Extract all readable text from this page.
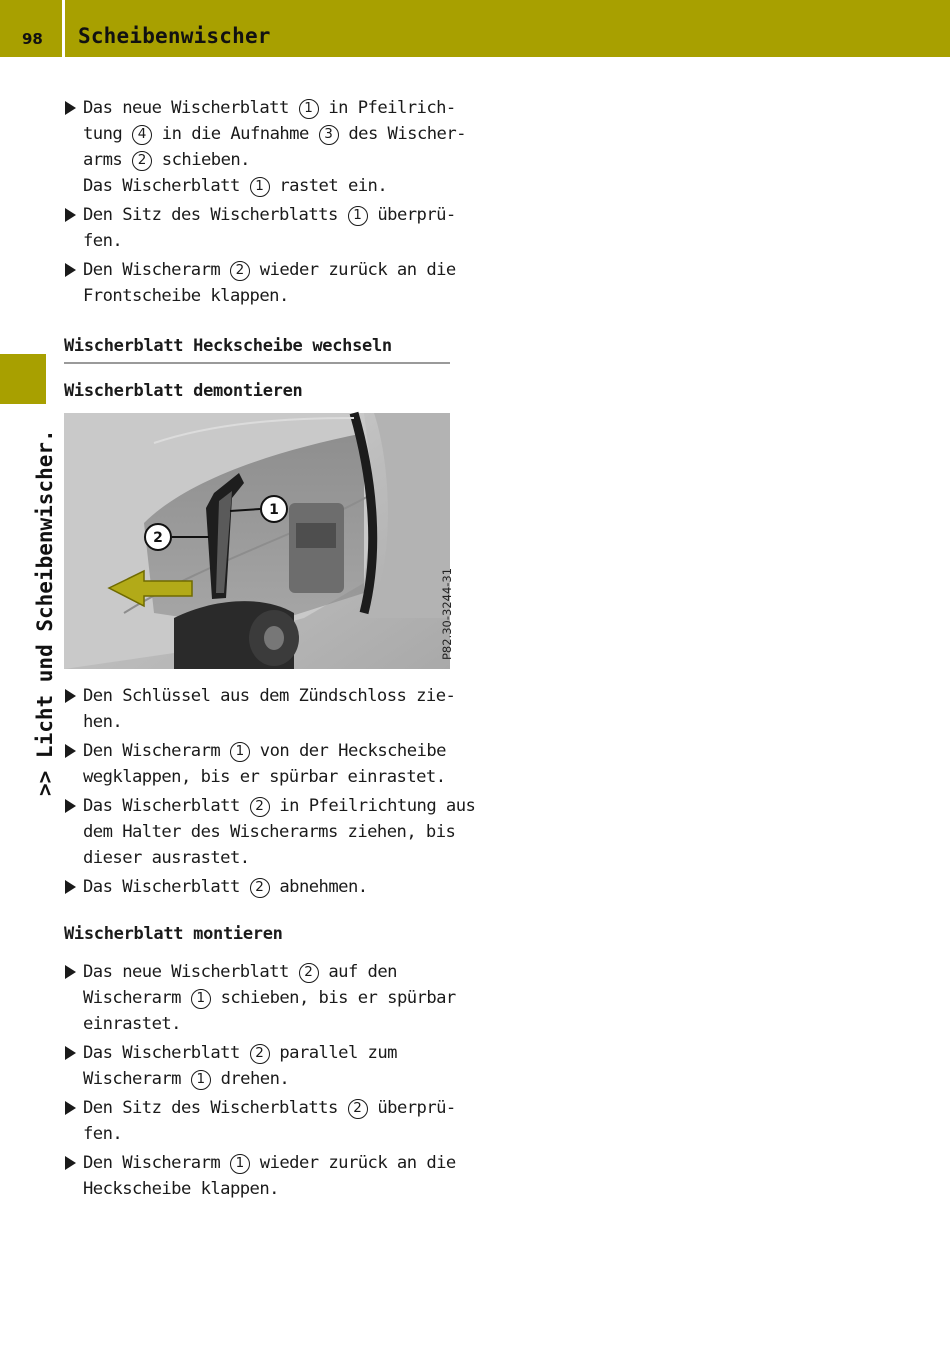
98 Scheibenwischer
>> Licht und Scheibenwischer.
Das neue Wischerblatt 1 in Pfeilrich-
tung 4 in die Aufnahme 3 des Wischer-
arms 2 schieben.
Das Wischerblatt 1 rastet ein.
Den Sitz des Wischerblatts 1 überprü-
fen.
Den Wischerarm 2 wieder zurück an die
Frontscheibe klappen.
Wischerblatt Heckscheibe wechseln
Wischerblatt demontieren
1
2
P82.30-3244-31
Den Schlüssel aus dem Zündschloss zie-
hen.
Den Wischerarm 1 von der Heckscheibe
wegklappen, bis er spürbar einrastet.
Das Wischerblatt 2 in Pfeilrichtung aus
dem Halter des Wischerarms ziehen, bis
dieser ausrastet.
Das Wischerblatt 2 abnehmen.
Wischerblatt montieren
Das neue Wischerblatt 2 auf den
Wischerarm 1 schieben, bis er spürbar
einrastet.
Das Wischerblatt 2 parallel zum
Wischerarm 1 drehen.
Den Sitz des Wischerblatts 2 überprü-
fen.
Den Wischerarm 1 wieder zurück an die
Heckscheibe klappen.
